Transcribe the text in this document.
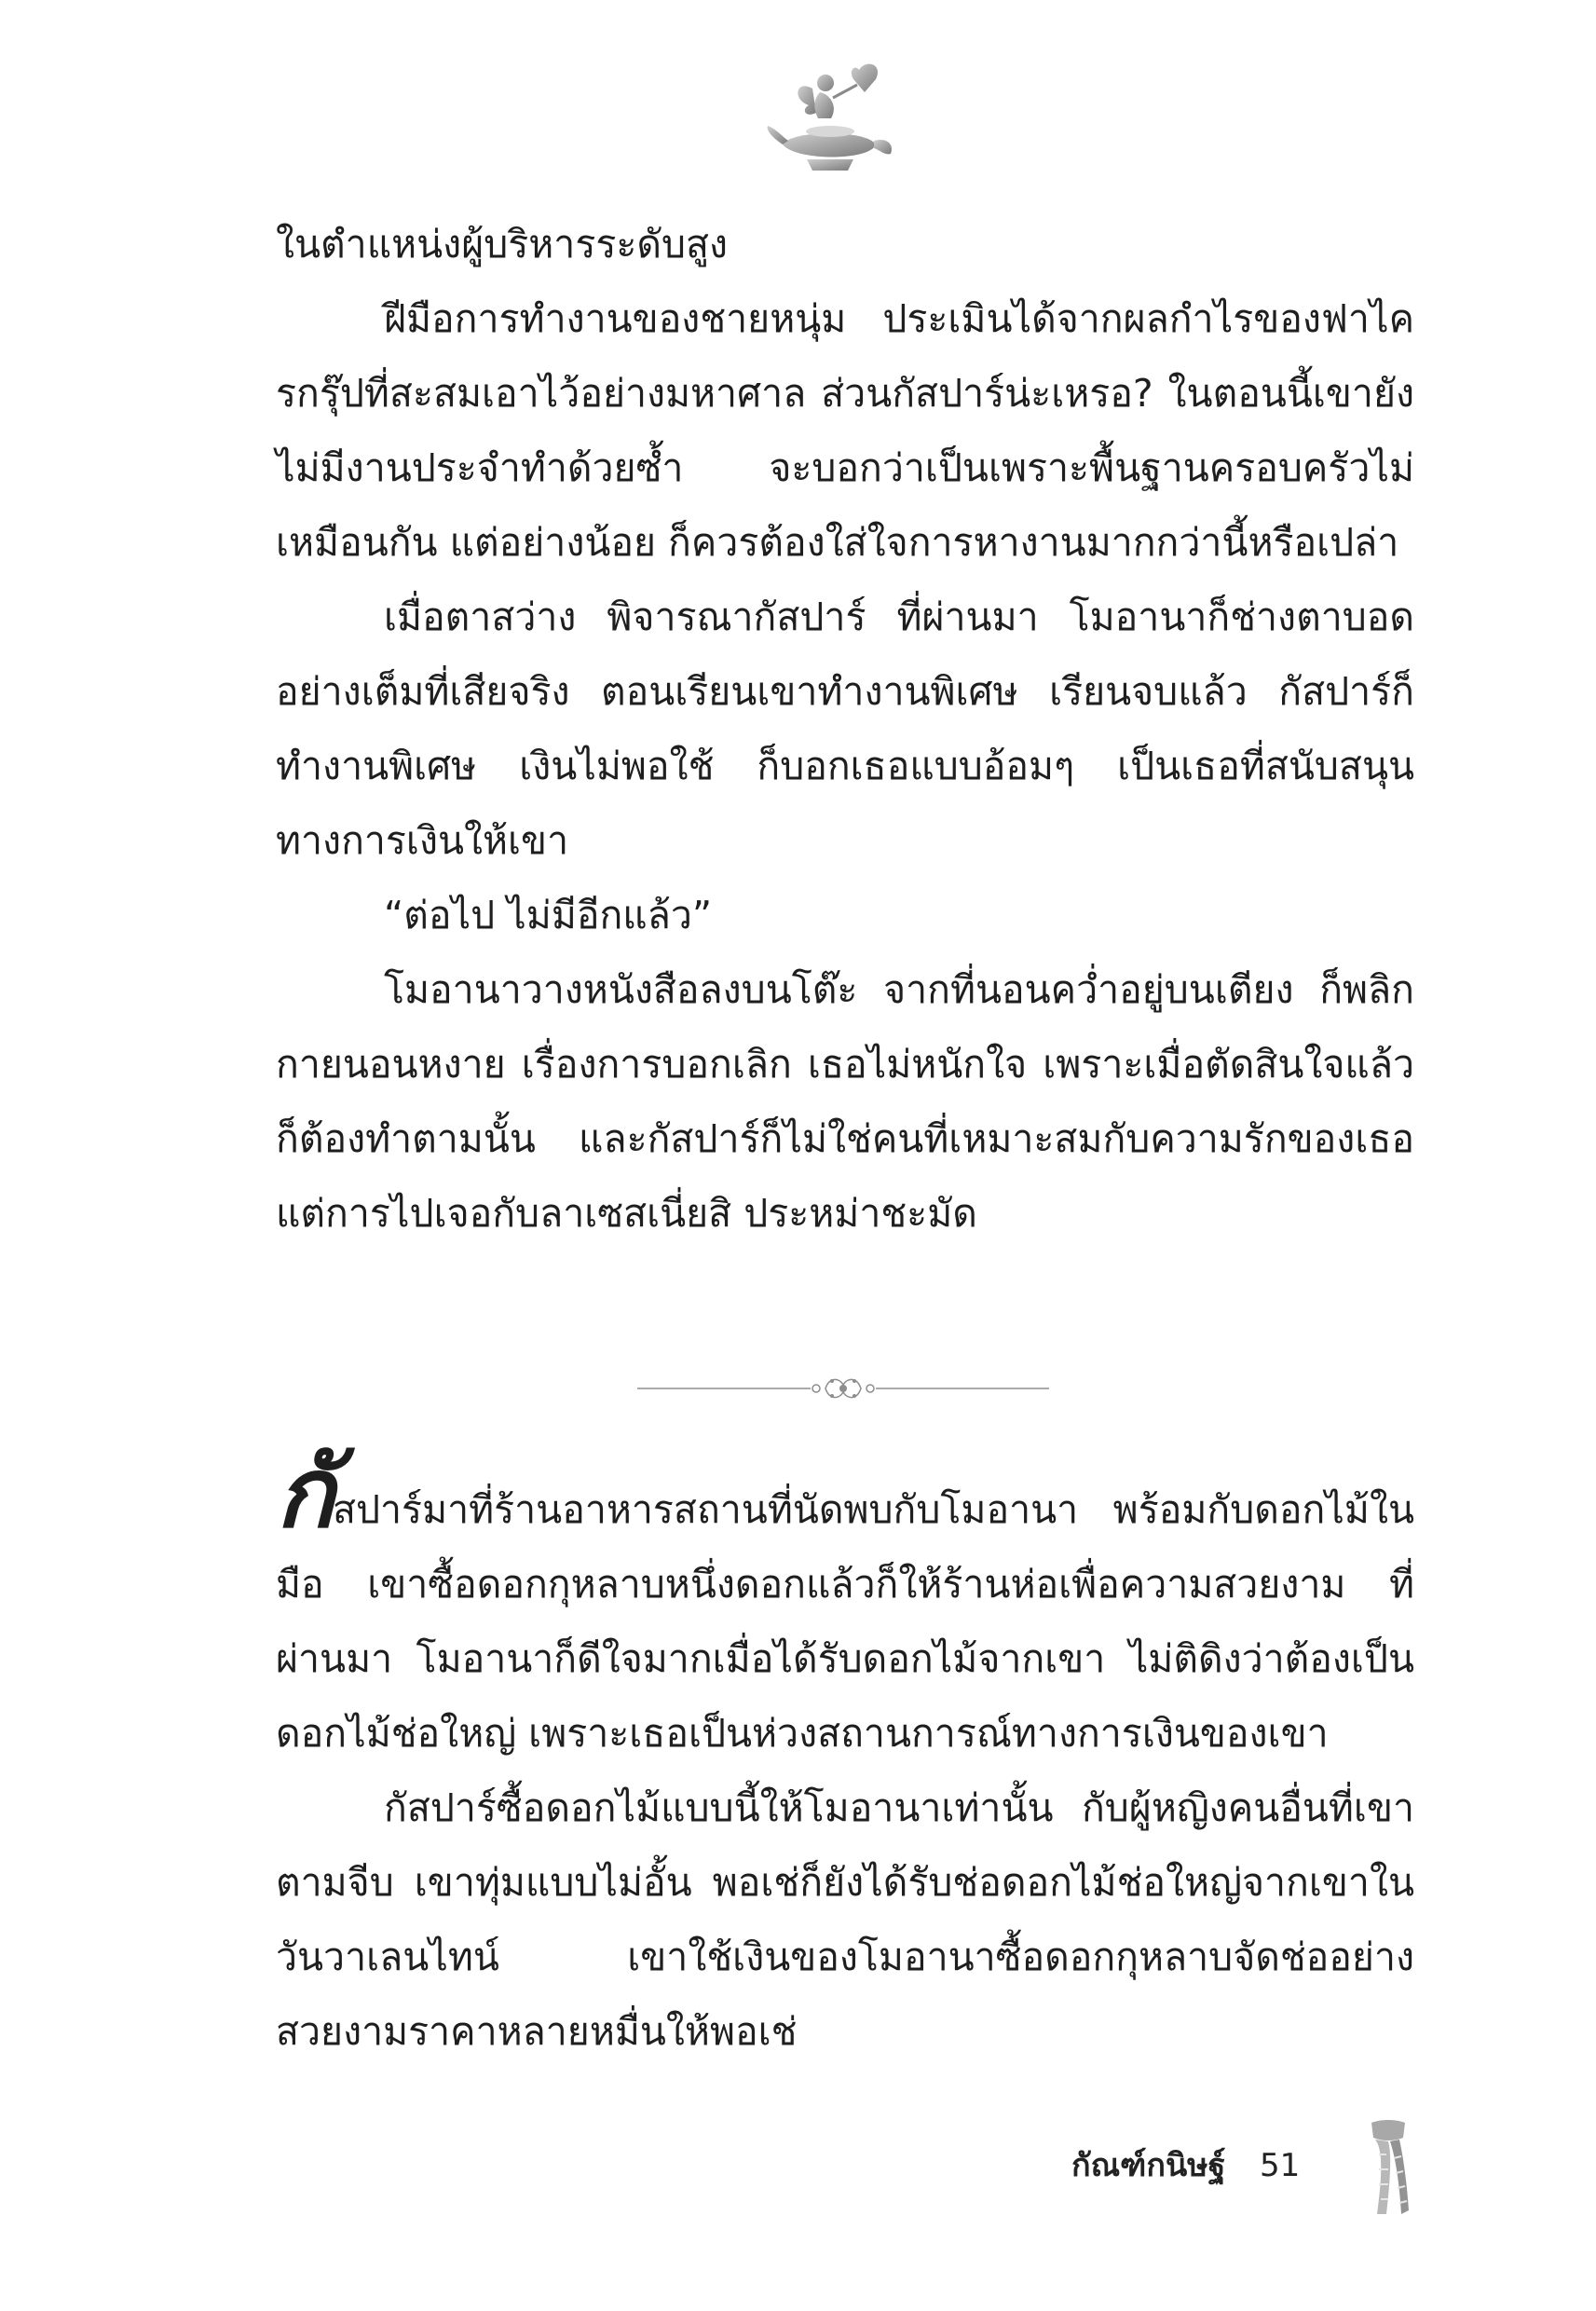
ในตำแหน่งผู้บริหารระดับสูง

ฝีมือการทำงานของชายหนุ่ม ประเมินได้จากผลกำไรของฟาไครกรุ๊ปที่สะสมเอาไว้อย่างมหาศาล ส่วนกัสปาร์น่ะเหรอ? ในตอนนี้เขายังไม่มีงานประจำทำด้วยซ้ำ จะบอกว่าเป็นเพราะพื้นฐานครอบครัวไม่เหมือนกัน แต่อย่างน้อย ก็ควรต้องใส่ใจการหางานมากกว่านี้หรือเปล่า

เมื่อตาสว่าง พิจารณากัสปาร์ ที่ผ่านมา โมอานาก็ช่างตาบอดอย่างเต็มที่เสียจริง ตอนเรียนเขาทำงานพิเศษ เรียนจบแล้ว กัสปาร์ก็ทำงานพิเศษ เงินไม่พอใช้ ก็บอกเธอแบบอ้อมๆ เป็นเธอที่สนับสนุนทางการเงินให้เขา

“ต่อไป ไม่มีอีกแล้ว”

โมอานาวางหนังสือลงบนโต๊ะ จากที่นอนคว่ำอยู่บนเตียง ก็พลิกกายนอนหงาย เรื่องการบอกเลิก เธอไม่หนักใจ เพราะเมื่อตัดสินใจแล้วก็ต้องทำตามนั้น และกัสปาร์ก็ไม่ใช่คนที่เหมาะสมกับความรักของเธอ แต่การไปเจอกับลาเซสเนี่ยสิ ประหม่าชะมัด

กัสปาร์มาที่ร้านอาหารสถานที่นัดพบกับโมอานา พร้อมกับดอกไม้ในมือ เขาซื้อดอกกุหลาบหนึ่งดอกแล้วก็ให้ร้านห่อเพื่อความสวยงาม ที่ผ่านมา โมอานาก็ดีใจมากเมื่อได้รับดอกไม้จากเขา ไม่ติดิงว่าต้องเป็นดอกไม้ช่อใหญ่ เพราะเธอเป็นห่วงสถานการณ์ทางการเงินของเขา

กัสปาร์ซื้อดอกไม้แบบนี้ให้โมอานาเท่านั้น กับผู้หญิงคนอื่นที่เขาตามจีบ เขาทุ่มแบบไม่อั้น พอเช่ก็ยังได้รับช่อดอกไม้ช่อใหญ่จากเขาในวันวาเลนไทน์ เขาใช้เงินของโมอานาซื้อดอกกุหลาบจัดช่ออย่างสวยงามราคาหลายหมื่นให้พอเช่

กัณฑ์กนิษฐ์ 51
